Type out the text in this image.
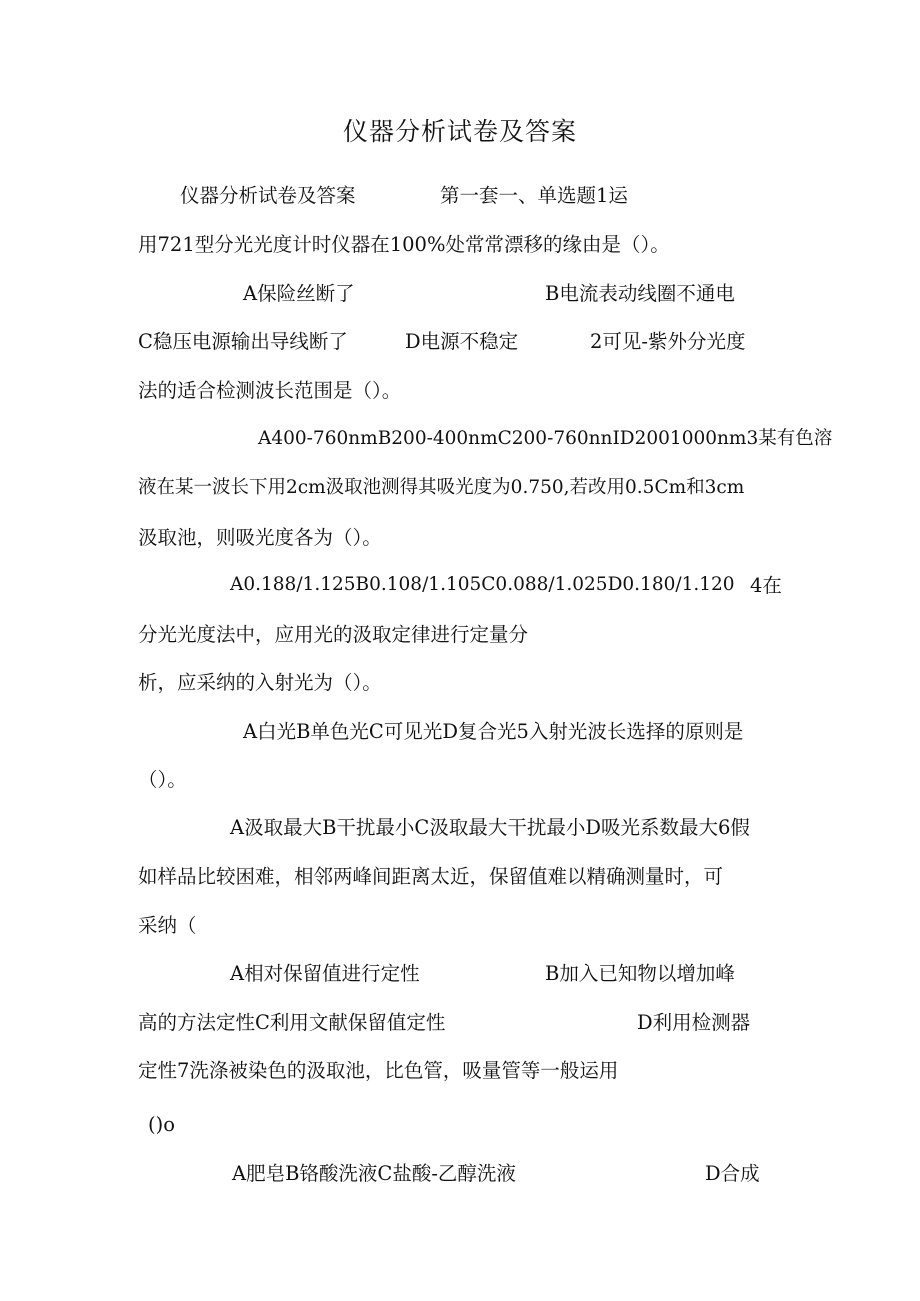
仪器分析试卷及答案
仪器分析试卷及答案	第一套一、单选题1运
用721型分光光度计时仪器在100%处常常漂移的缘由是（）。
A保险丝断了	B电流表动线圈不通电
C稳压电源输出导线断了	D电源不稳定	2可见-紫外分光度
法的适合检测波长范围是（）。
A400-760nmB200-400nmC200-760nnID2001000nm3某有色溶
液在某一波长下用2cm汲取池测得其吸光度为0.750,若改用0.5Cm和3cm
汲取池，则吸光度各为（）。
A0.188/1.125B0.108/1.105C0.088/1.025D0.180/1.120 4在
分光光度法中，应用光的汲取定律进行定量分
析，应采纳的入射光为（）。
A白光B单色光C可见光D复合光5入射光波长选择的原则是
（）。
A汲取最大B干扰最小C汲取最大干扰最小D吸光系数最大6假
如样品比较困难，相邻两峰间距离太近，保留值难以精确测量时，可
采纳（
A相对保留值进行定性	B加入已知物以增加峰
高的方法定性C利用文献保留值定性	D利用检测器
定性7洗涤被染色的汲取池，比色管，吸量管等一般运用
()o
A肥皂B铬酸洗液C盐酸-乙醇洗液	D合成
